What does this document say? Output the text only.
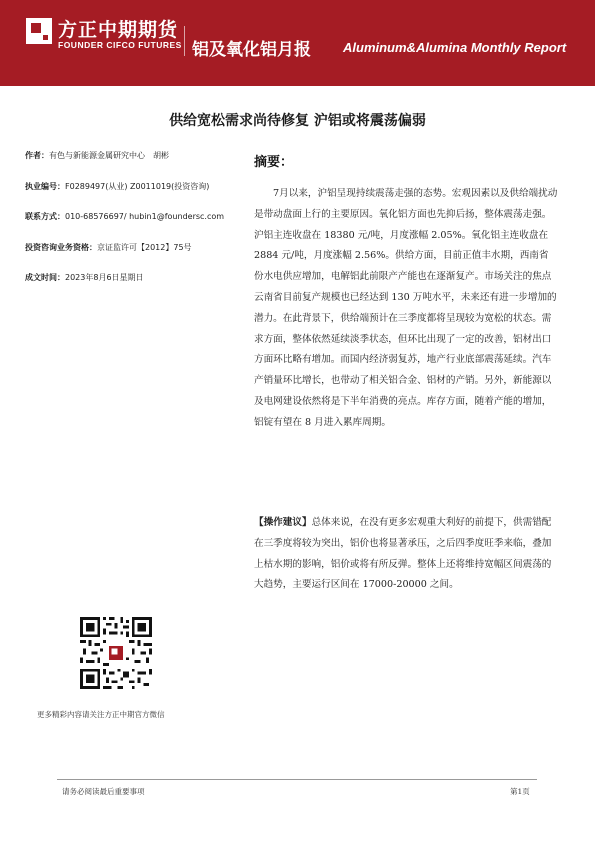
方正中期期货
FOUNDER CIFCO FUTURES 铝及氧化铝月报 Aluminum&Alumina Monthly Report
供给宽松需求尚待修复 沪铝或将震荡偏弱
作者：有色与新能源金属研究中心　胡彬
执业编号：F0289497(从业) Z0011019(投资咨询)
联系方式：010-68576697/ hubin1@foundersc.com
投资咨询业务资格：京证监许可【2012】75号
成文时间：2023年8月6日星期日
摘要：

7月以来，沪铝呈现持续震荡走强的态势。宏观因素以及供给端扰动是带动盘面上行的主要原因。氧化铝方面也先抑后扬，整体震荡走强。沪铝主连收盘在 18380 元/吨，月度涨幅 2.05%。氧化铝主连收盘在 2884 元/吨，月度涨幅 2.56%。供给方面，目前正值丰水期，西南省份水电供应增加，电解铝此前限产产能也在逐渐复产。市场关注的焦点云南省目前复产规模也已经达到 130 万吨水平，未来还有进一步增加的潜力。在此背景下，供给端预计在三季度都将呈现较为宽松的状态。需求方面，整体依然延续淡季状态，但环比出现了一定的改善，铝材出口方面环比略有增加。而国内经济弱复苏，地产行业底部震荡延续。汽车产销量环比增长，也带动了相关铝合金、铝材的产销。另外，新能源以及电网建设依然将是下半年消费的亮点。库存方面，随着产能的增加，铝锭有望在 8 月进入累库周期。

【操作建议】总体来说，在没有更多宏观重大利好的前提下，供需错配在三季度将较为突出，铝价也将显著承压，之后四季度旺季来临，叠加上枯水期的影响，铝价或将有所反弹。整体上还将维持宽幅区间震荡的大趋势，主要运行区间在 17000-20000 之间。

更多精彩内容请关注方正中期官方微信
请务必阅读最后重要事项	第1页
